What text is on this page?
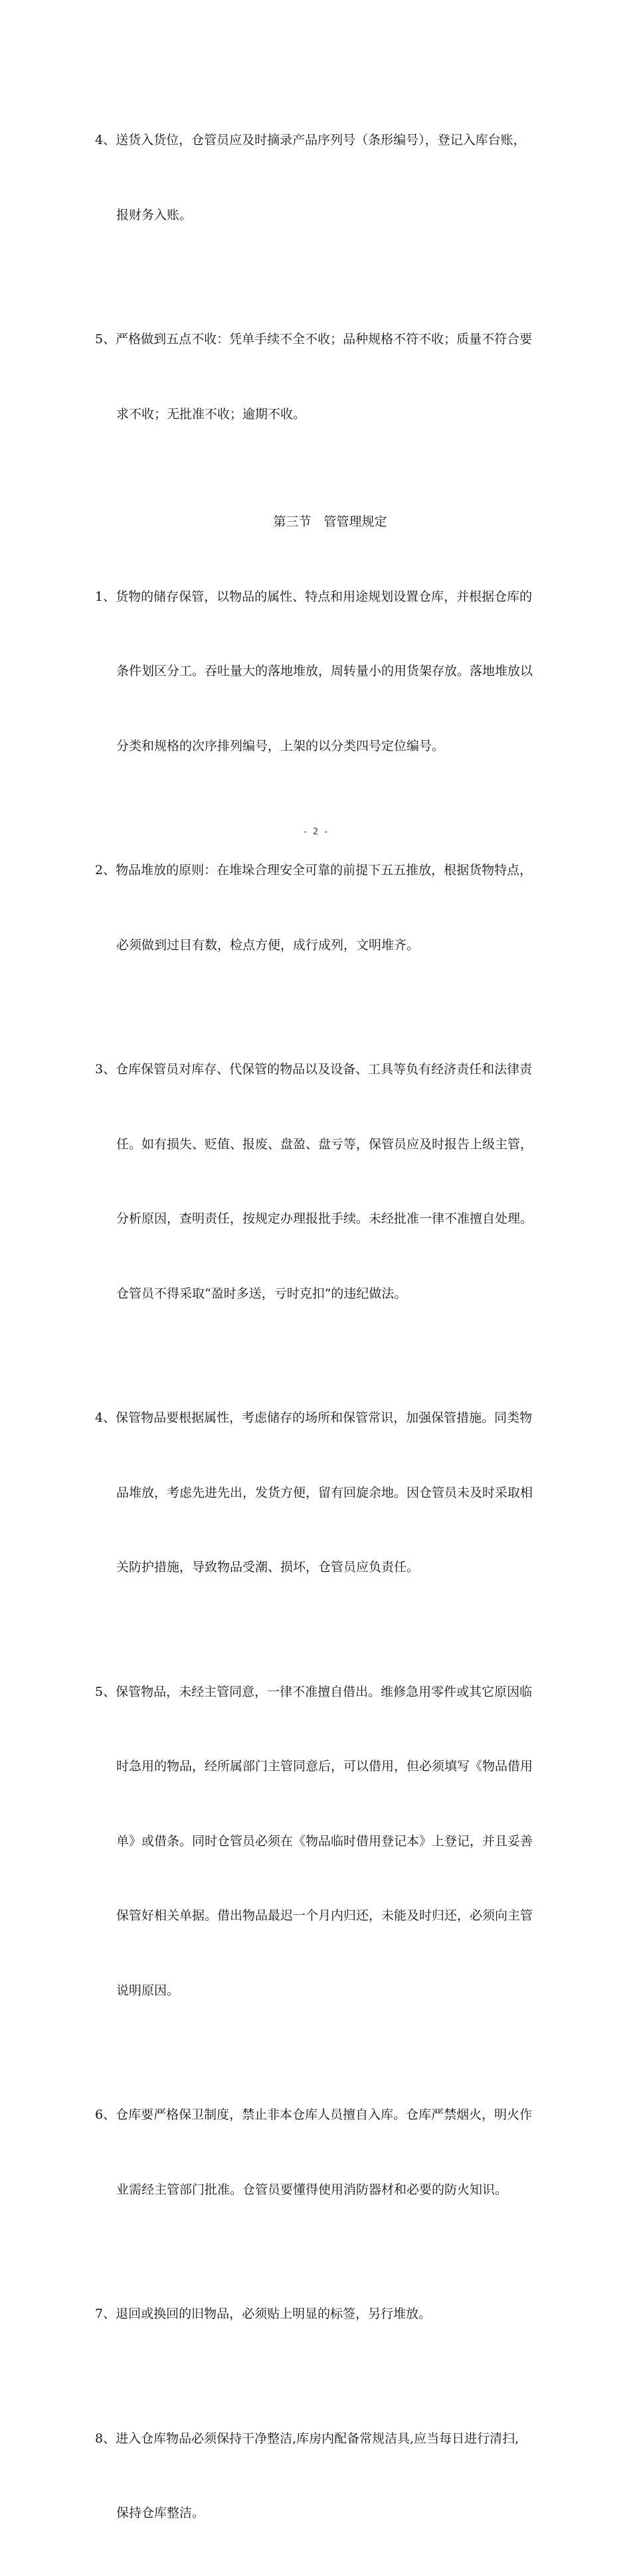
4、送货入货位，仓管员应及时摘录产品序列号（条形编号），登记入库台账，

报财务入账。

5、严格做到五点不收：凭单手续不全不收；品种规格不符不收；质量不符合要

求不收；无批准不收；逾期不收。

第三节　管管理规定

1、货物的储存保管，以物品的属性、特点和用途规划设置仓库，并根据仓库的

条件划区分工。吞吐量大的落地堆放，周转量小的用货架存放。落地堆放以

分类和规格的次序排列编号，上架的以分类四号定位编号。

2、物品堆放的原则：在堆垛合理安全可靠的前提下五五推放，根据货物特点，

必须做到过目有数，检点方便，成行成列，文明堆齐。

3、仓库保管员对库存、代保管的物品以及设备、工具等负有经济责任和法律责

任。如有损失、贬值、报废、盘盈、盘亏等，保管员应及时报告上级主管，

分析原因，查明责任，按规定办理报批手续。未经批准一律不准擅自处理。

仓管员不得采取“盈时多送，亏时克扣”的违纪做法。

4、保管物品要根据属性，考虑储存的场所和保管常识，加强保管措施。同类物

品堆放，考虑先进先出，发货方便，留有回旋余地。因仓管员未及时采取相

关防护措施，导致物品受潮、损坏，仓管员应负责任。

5、保管物品，未经主管同意，一律不准擅自借出。维修急用零件或其它原因临

时急用的物品，经所属部门主管同意后，可以借用，但必须填写《物品借用

单》或借条。同时仓管员必须在《物品临时借用登记本》上登记，并且妥善

保管好相关单据。借出物品最迟一个月内归还，未能及时归还，必须向主管

说明原因。

6、仓库要严格保卫制度，禁止非本仓库人员擅自入库。仓库严禁烟火，明火作

业需经主管部门批准。仓管员要懂得使用消防器材和必要的防火知识。

7、退回或换回的旧物品，必须贴上明显的标签，另行堆放。

8、进入仓库物品必须保持干净整洁,库房内配备常规洁具,应当每日进行清扫,

保持仓库整洁。

- 2 -
